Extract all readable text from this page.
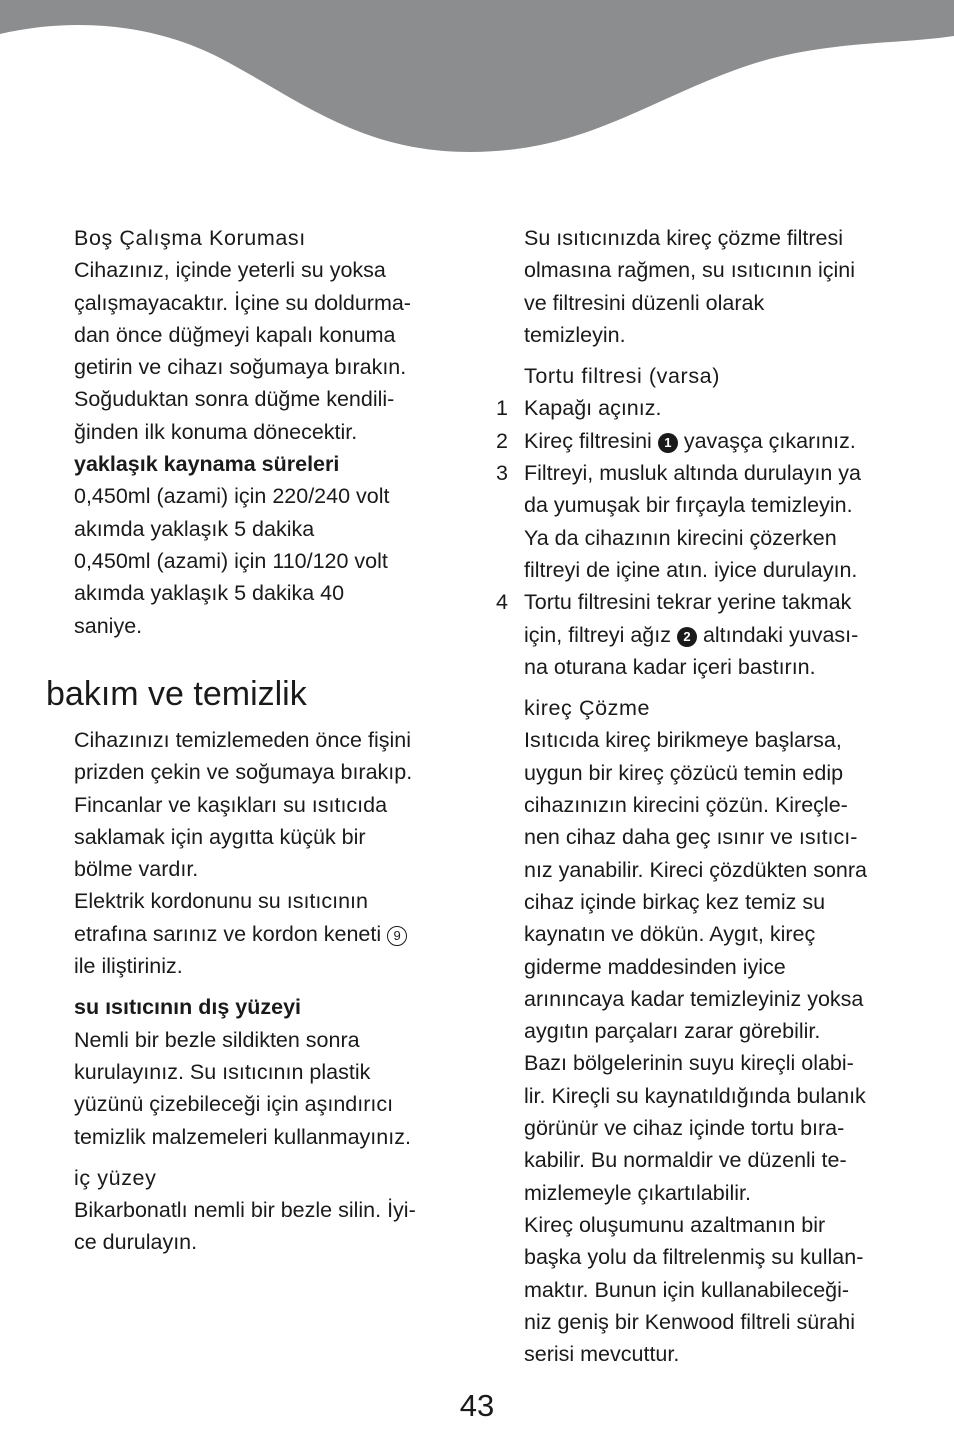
Boş Çalışma Koruması

Cihazınız, içinde yeterli su yoksa

çalışmayacaktır. İçine su doldurma-

dan önce düğmeyi kapalı konuma

getirin ve cihazı soğumaya bırakın.

Soğuduktan sonra düğme kendili-

ğinden ilk konuma dönecektir.

yaklaşık kaynama süreleri

0,450ml (azami) için 220/240 volt

akımda yaklaşık 5 dakika

0,450ml (azami) için 110/120 volt

akımda yaklaşık 5 dakika 40

saniye.

bakım ve temizlik

Cihazınızı temizlemeden önce fişini

prizden çekin ve soğumaya bırakıp.

Fincanlar ve kaşıkları su ısıtıcıda

saklamak için aygıtta küçük bir

bölme vardır.

Elektrik kordonunu su ısıtıcının

etrafına sarınız ve kordon keneti 9

ile iliştiriniz.

su ısıtıcının dış yüzeyi

Nemli bir bezle sildikten sonra

kurulayınız. Su ısıtıcının plastik

yüzünü çizebileceği için aşındırıcı

temizlik malzemeleri kullanmayınız.

iç yüzey

Bikarbonatlı nemli bir bezle silin. İyi-

ce durulayın.

Su ısıtıcınızda kireç çözme filtresi

olmasına rağmen, su ısıtıcının içini

ve filtresini düzenli olarak

temizleyin.

Tortu filtresi (varsa)

1 Kapağı açınız.
2 Kireç filtresini 1 yavaşça çıkarınız.
3 Filtreyi, musluk altında durulayın ya
da yumuşak bir fırçayla temizleyin.
Ya da cihazının kirecini çözerken
filtreyi de içine atın. iyice durulayın.
4 Tortu filtresini tekrar yerine takmak
için, filtreyi ağız 2 altındaki yuvası-
na oturana kadar içeri bastırın.

kireç Çözme

Isıtıcıda kireç birikmeye başlarsa,

uygun bir kireç çözücü temin edip

cihazınızın kirecini çözün. Kireçle-

nen cihaz daha geç ısınır ve ısıtıcı-

nız yanabilir. Kireci çözdükten sonra

cihaz içinde birkaç kez temiz su

kaynatın ve dökün. Aygıt, kireç

giderme maddesinden iyice

arınıncaya kadar temizleyiniz yoksa

aygıtın parçaları zarar görebilir.

Bazı bölgelerinin suyu kireçli olabi-

lir. Kireçli su kaynatıldığında bulanık

görünür ve cihaz içinde tortu bıra-

kabilir. Bu normaldir ve düzenli te-

mizlemeyle çıkartılabilir.

Kireç oluşumunu azaltmanın bir

başka yolu da filtrelenmiş su kullan-

maktır. Bunun için kullanabileceği-

niz geniş bir Kenwood filtreli sürahi

serisi mevcuttur.

43
